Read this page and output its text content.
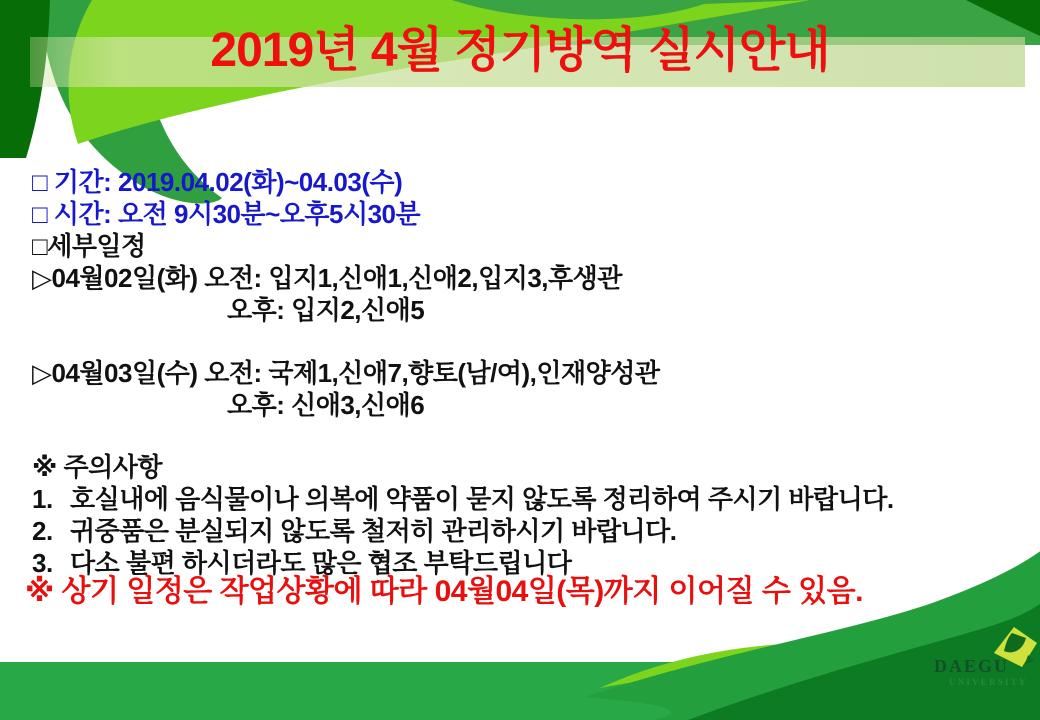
2019년 4월 정기방역 실시안내
□ 기간: 2019.04.02(화)~04.03(수)
□ 시간: 오전 9시30분~오후5시30분
□세부일정
▷04월02일(화) 오전: 입지1,신애1,신애2,입지3,후생관
오후: 입지2,신애5
▷04월03일(수) 오전: 국제1,신애7,향토(남/여),인재양성관
오후: 신애3,신애6
※ 주의사항
1. 호실내에 음식물이나 의복에 약품이 묻지 않도록 정리하여 주시기 바랍니다.
2. 귀중품은 분실되지 않도록 철저히 관리하시기 바랍니다.
3. 다소 불편 하시더라도 많은 협조 부탁드립니다
※ 상기 일정은 작업상황에 따라 04월04일(목)까지 이어질 수 있음.
DAEGU
UNIVERSITY
